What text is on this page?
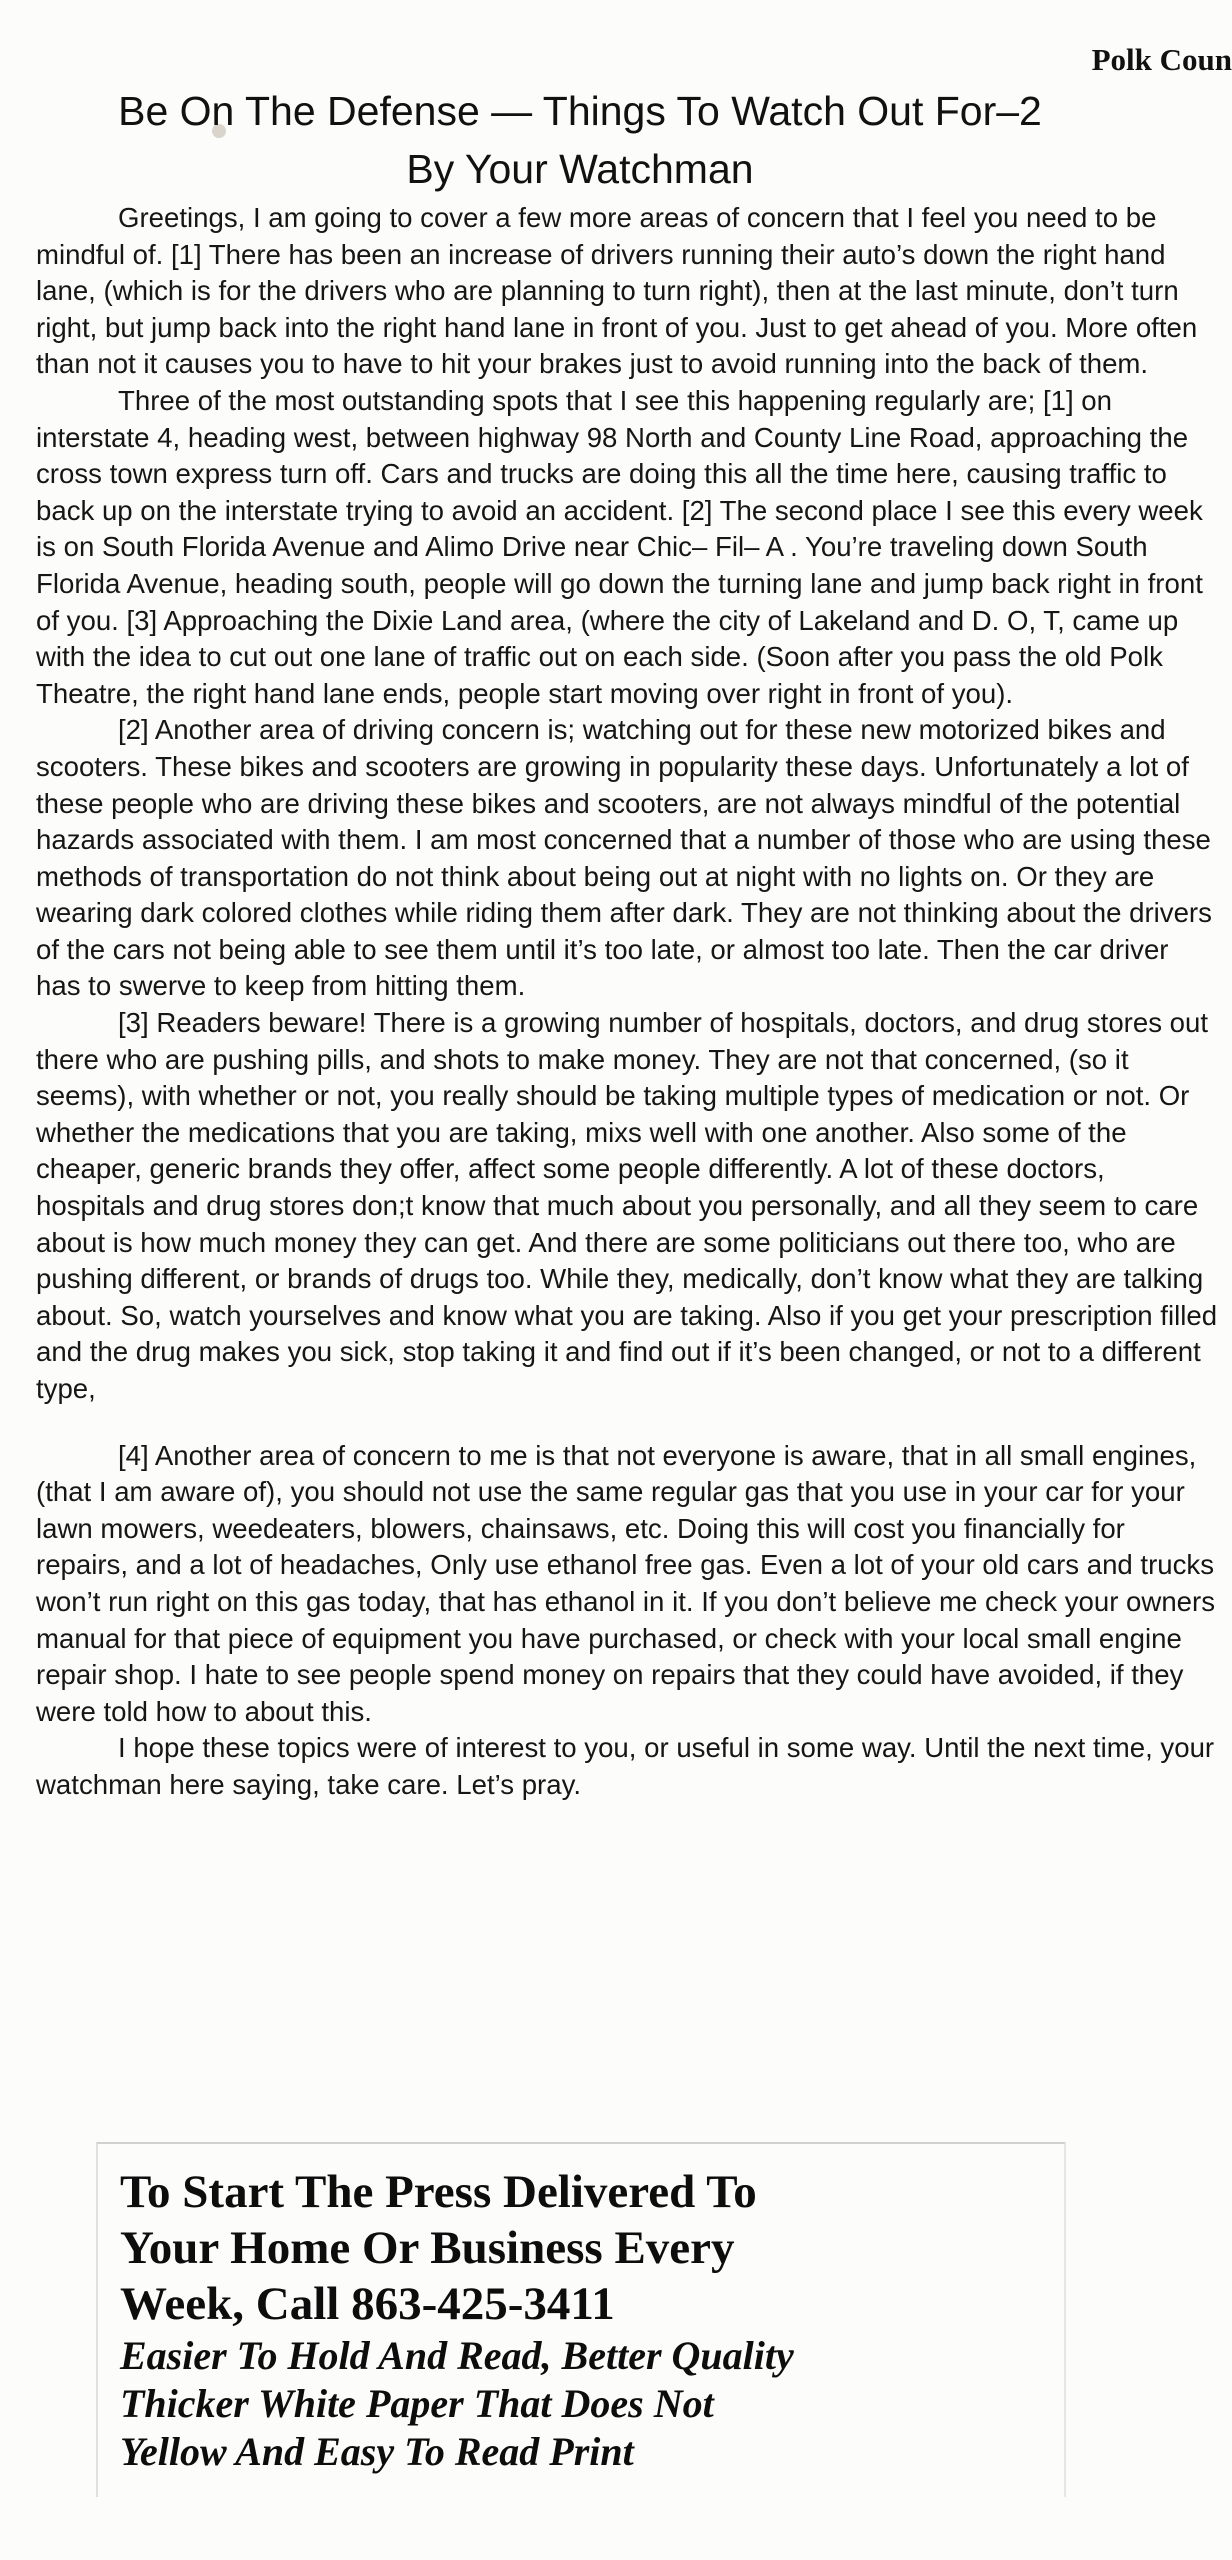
Polk Coun
Be On The Defense — Things To Watch Out For–2
By Your Watchman

Greetings, I am going to cover a few more areas of concern that I feel you need to be mindful of. [1] There has been an increase of drivers running their auto’s down the right hand lane, (which is for the drivers who are planning to turn right), then at the last minute, don’t turn right, but jump back into the right hand lane in front of you. Just to get ahead of you. More often than not it causes you to have to hit your brakes just to avoid running into the back of them.

Three of the most outstanding spots that I see this happening regularly are; [1] on interstate 4, heading west, between highway 98 North and County Line Road, approaching the cross town express turn off. Cars and trucks are doing this all the time here, causing traffic to back up on the interstate trying to avoid an accident. [2] The second place I see this every week is on South Florida Avenue and Alimo Drive near Chic– Fil– A . You’re traveling down South Florida Avenue, heading south, people will go down the turning lane and jump back right in front of you. [3] Approaching the Dixie Land area, (where the city of Lakeland and D. O, T, came up with the idea to cut out one lane of traffic out on each side. (Soon after you pass the old Polk Theatre, the right hand lane ends, people start moving over right in front of you).

[2] Another area of driving concern is; watching out for these new motorized bikes and scooters. These bikes and scooters are growing in popularity these days. Unfortunately a lot of these people who are driving these bikes and scooters, are not always mindful of the potential hazards associated with them. I am most concerned that a number of those who are using these methods of transportation do not think about being out at night with no lights on. Or they are wearing dark colored clothes while riding them after dark. They are not thinking about the drivers of the cars not being able to see them until it’s too late, or almost too late. Then the car driver has to swerve to keep from hitting them.

[3] Readers beware! There is a growing number of hospitals, doctors, and drug stores out there who are pushing pills, and shots to make money. They are not that concerned, (so it seems), with whether or not, you really should be taking multiple types of medication or not. Or whether the medications that you are taking, mixs well with one another. Also some of the cheaper, generic brands they offer, affect some people differently. A lot of these doctors, hospitals and drug stores don;t know that much about you personally, and all they seem to care about is how much money they can get. And there are some politicians out there too, who are pushing different, or brands of drugs too. While they, medically, don’t know what they are talking about. So, watch yourselves and know what you are taking. Also if you get your prescription filled and the drug makes you sick, stop taking it and find out if it’s been changed, or not to a different type,

[4] Another area of concern to me is that not everyone is aware, that in all small engines, (that I am aware of), you should not use the same regular gas that you use in your car for your lawn mowers, weedeaters, blowers, chainsaws, etc. Doing this will cost you financially for repairs, and a lot of headaches, Only use ethanol free gas. Even a lot of your old cars and trucks won’t run right on this gas today, that has ethanol in it. If you don’t believe me check your owners manual for that piece of equipment you have purchased, or check with your local small engine repair shop. I hate to see people spend money on repairs that they could have avoided, if they were told how to about this.

I hope these topics were of interest to you, or useful in some way. Until the next time, your watchman here saying, take care. Let’s pray.

To Start The Press Delivered To
Your Home Or Business Every
Week, Call 863-425-3411
Easier To Hold And Read, Better Quality
Thicker White Paper That Does Not
Yellow And Easy To Read Print
